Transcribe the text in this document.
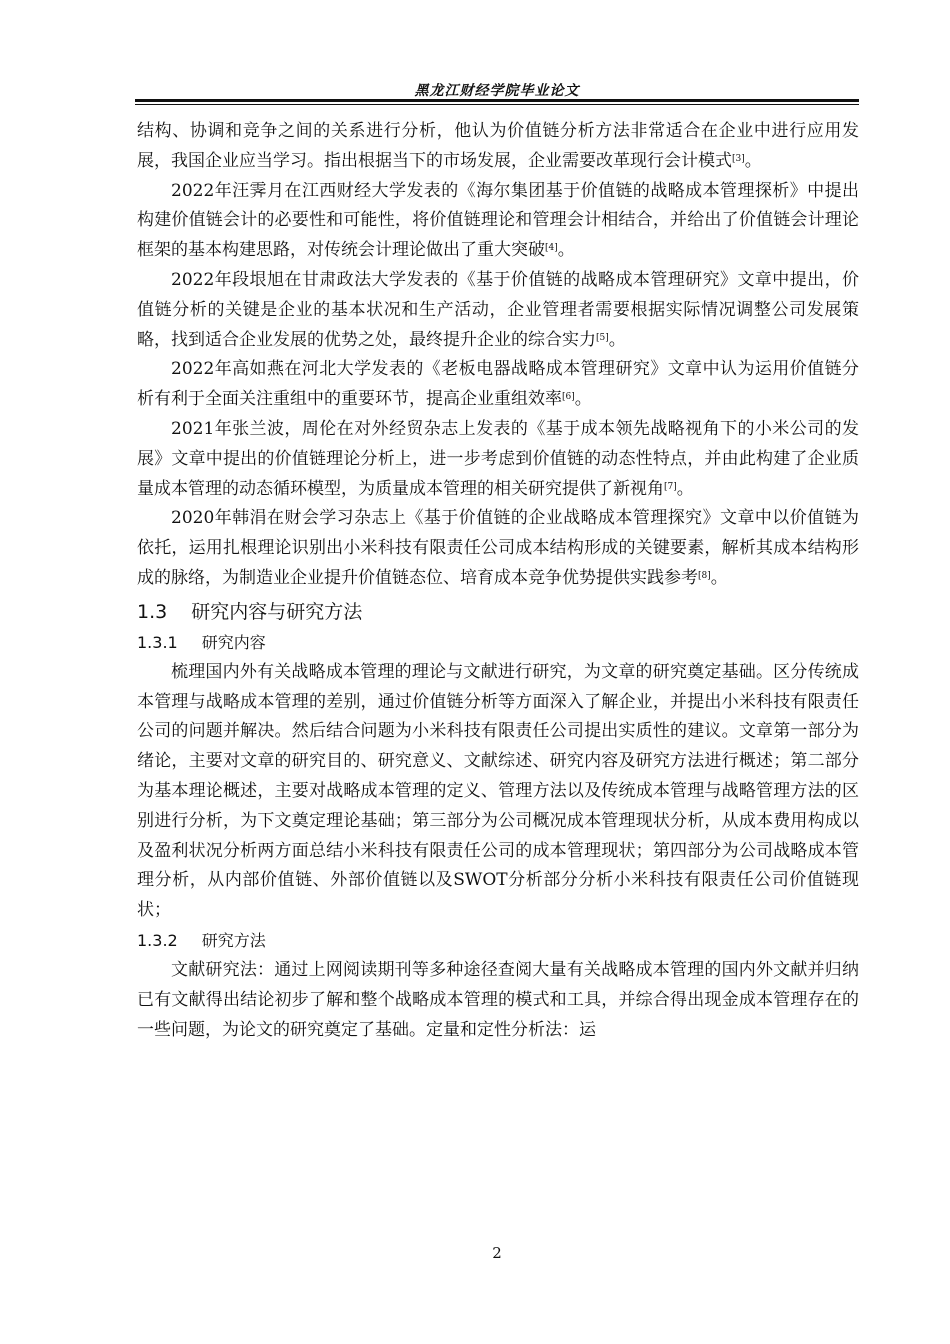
黑龙江财经学院毕业论文

结构、协调和竞争之间的关系进行分析，他认为价值链分析方法非常适合在企业中进行应用发展，我国企业应当学习。指出根据当下的市场发展，企业需要改革现行会计模式[3]。

2022年汪霁月在江西财经大学发表的《海尔集团基于价值链的战略成本管理探析》中提出构建价值链会计的必要性和可能性，将价值链理论和管理会计相结合，并给出了价值链会计理论框架的基本构建思路，对传统会计理论做出了重大突破[4]。

2022年段垠旭在甘肃政法大学发表的《基于价值链的战略成本管理研究》文章中提出，价值链分析的关键是企业的基本状况和生产活动，企业管理者需要根据实际情况调整公司发展策略，找到适合企业发展的优势之处，最终提升企业的综合实力[5]。

2022年高如燕在河北大学发表的《老板电器战略成本管理研究》文章中认为运用价值链分析有利于全面关注重组中的重要环节，提高企业重组效率[6]。

2021年张兰波，周伦在对外经贸杂志上发表的《基于成本领先战略视角下的小米公司的发展》文章中提出的价值链理论分析上，进一步考虑到价值链的动态性特点，并由此构建了企业质量成本管理的动态循环模型，为质量成本管理的相关研究提供了新视角[7]。

2020年韩涓在财会学习杂志上《基于价值链的企业战略成本管理探究》文章中以价值链为依托，运用扎根理论识别出小米科技有限责任公司成本结构形成的关键要素，解析其成本结构形成的脉络，为制造业企业提升价值链态位、培育成本竞争优势提供实践参考[8]。

1.3 研究内容与研究方法
1.3.1 研究内容

梳理国内外有关战略成本管理的理论与文献进行研究，为文章的研究奠定基础。区分传统成本管理与战略成本管理的差别，通过价值链分析等方面深入了解企业，并提出小米科技有限责任公司的问题并解决。然后结合问题为小米科技有限责任公司提出实质性的建议。文章第一部分为绪论，主要对文章的研究目的、研究意义、文献综述、研究内容及研究方法进行概述；第二部分为基本理论概述，主要对战略成本管理的定义、管理方法以及传统成本管理与战略管理方法的区别进行分析，为下文奠定理论基础；第三部分为公司概况成本管理现状分析，从成本费用构成以及盈利状况分析两方面总结小米科技有限责任公司的成本管理现状；第四部分为公司战略成本管理分析，从内部价值链、外部价值链以及SWOT分析部分分析小米科技有限责任公司价值链现状；

1.3.2 研究方法

文献研究法：通过上网阅读期刊等多种途径查阅大量有关战略成本管理的国内外文献并归纳已有文献得出结论初步了解和整个战略成本管理的模式和工具，并综合得出现金成本管理存在的一些问题，为论文的研究奠定了基础。定量和定性分析法：运

2
